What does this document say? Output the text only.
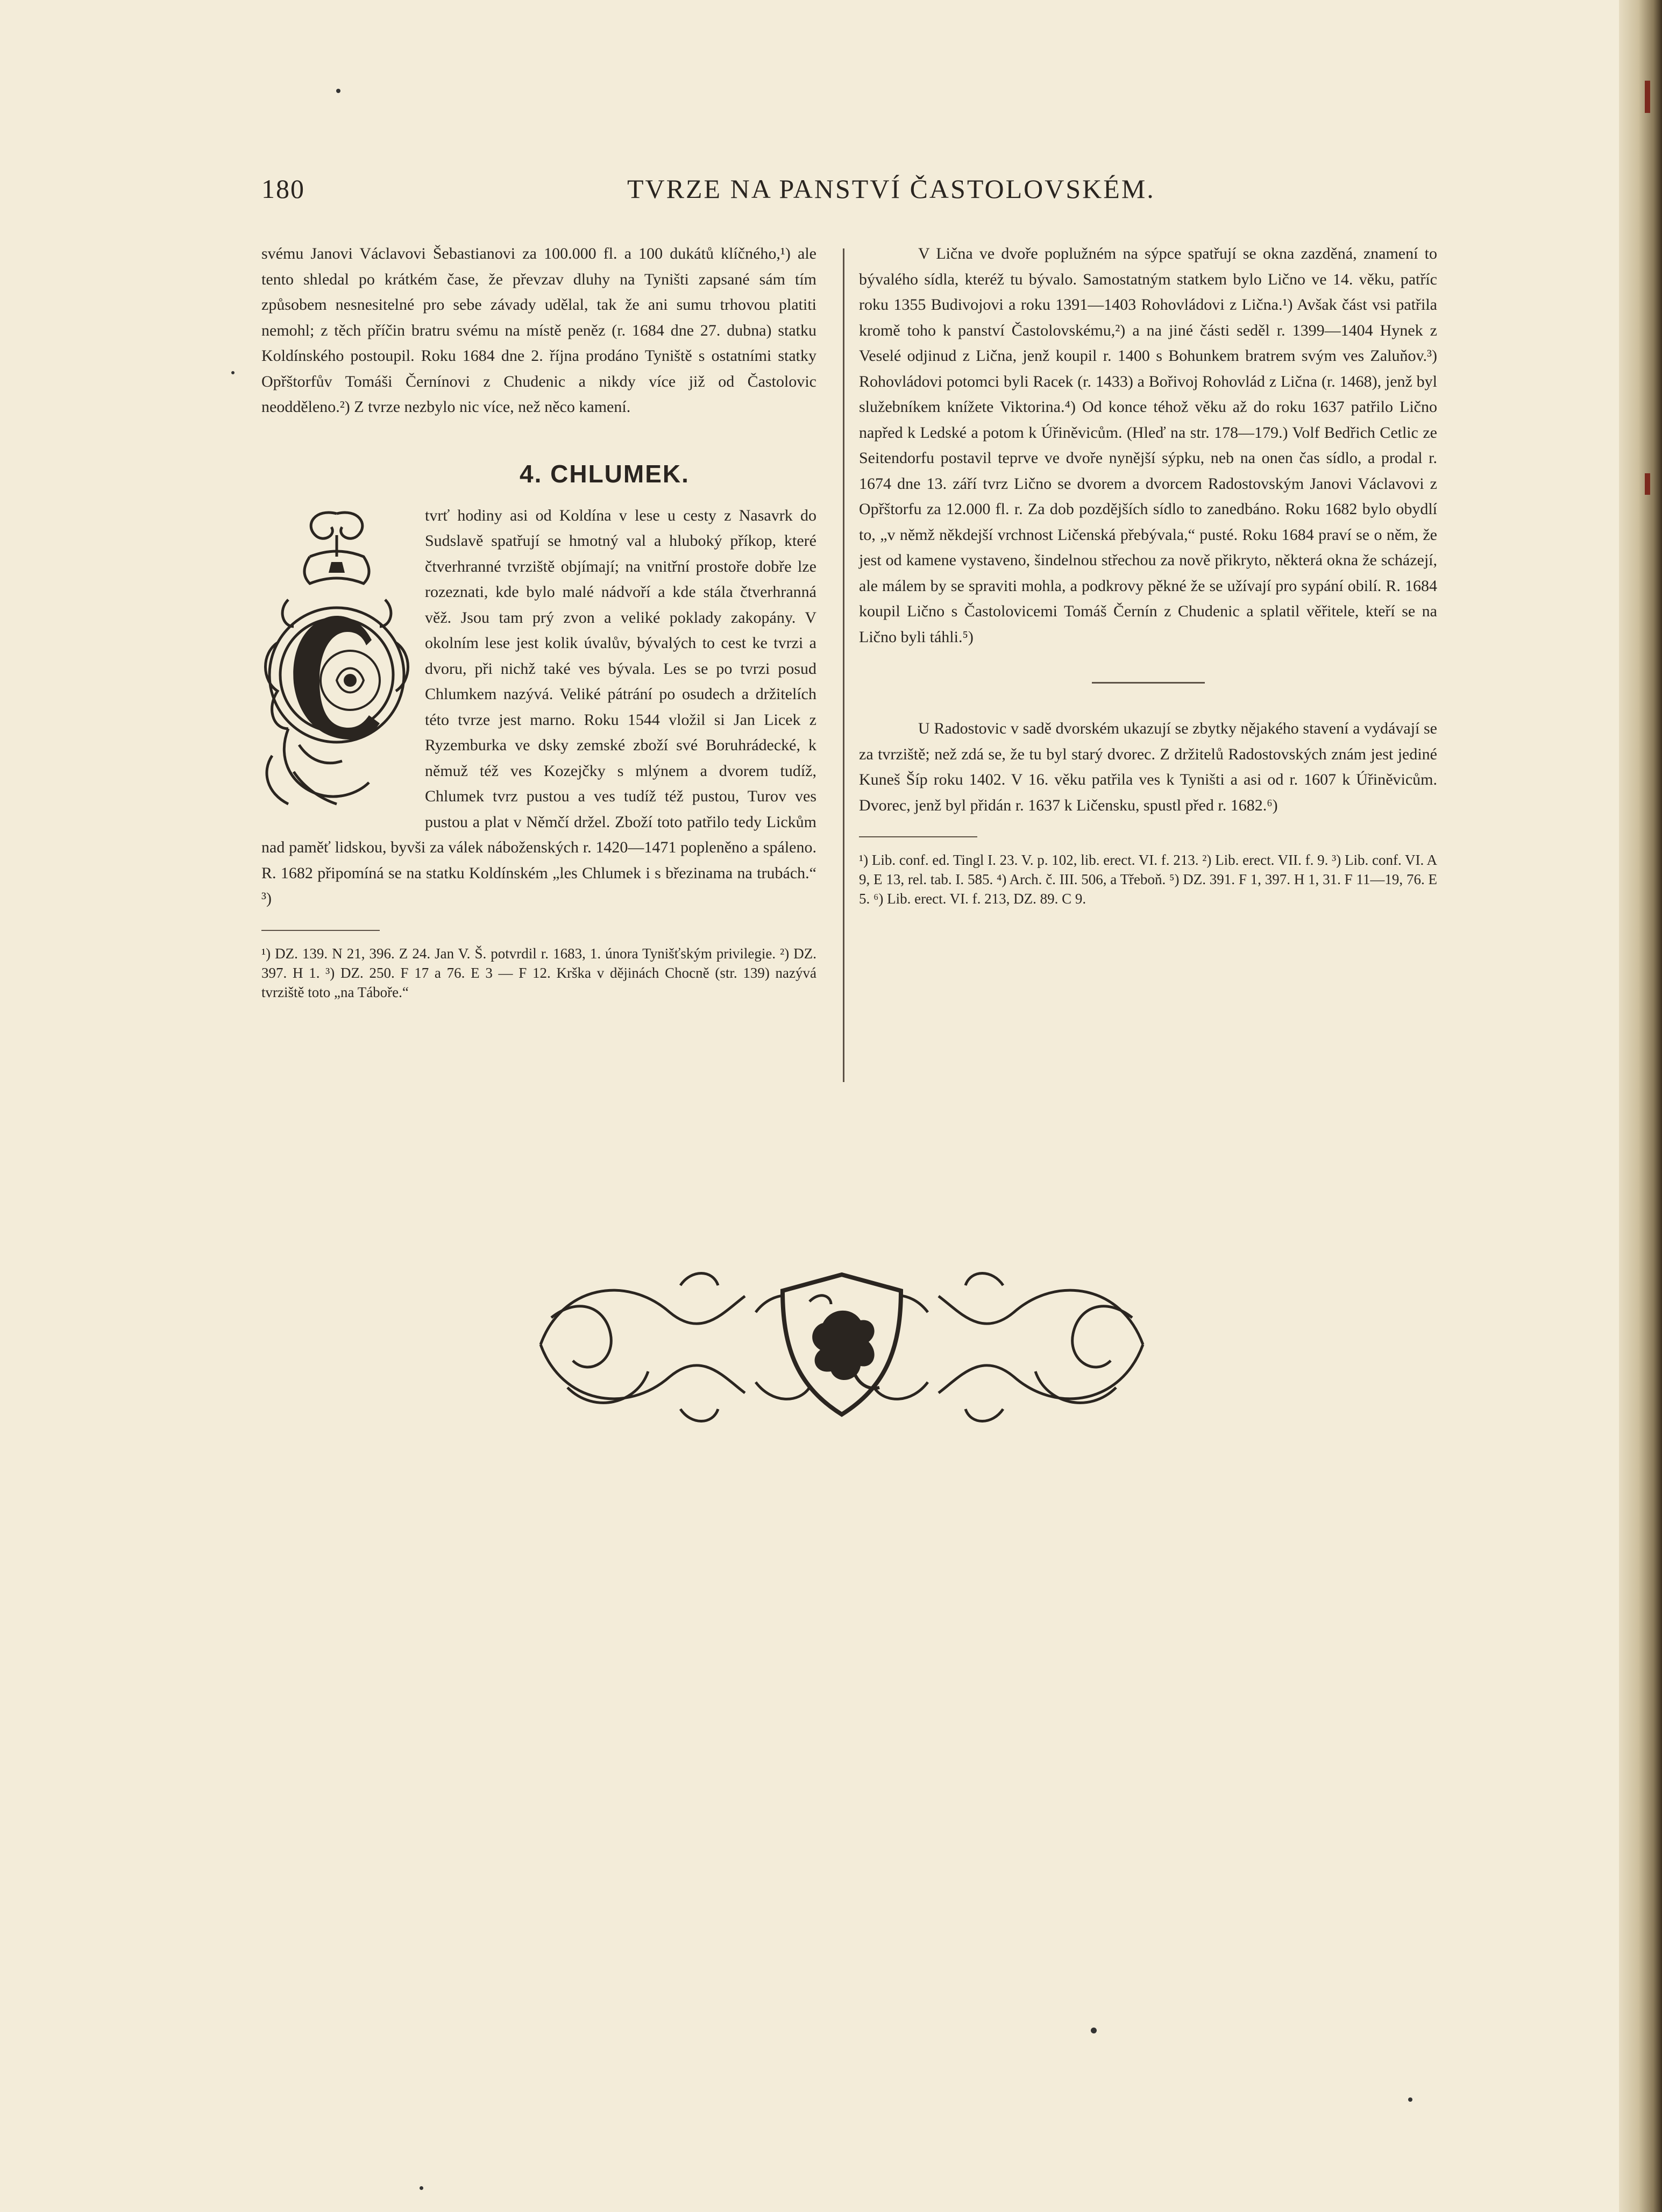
180	TVRZE NA PANSTVÍ ČASTOLOVSKÉM.

svému Janovi Václavovi Šebastianovi za 100.000 fl. a 100 dukátů klíčného,¹) ale tento shledal po krátkém čase, že převzav dluhy na Tyništi zapsané sám tím způsobem nesnesitelné pro sebe závady udělal, tak že ani sumu trhovou platiti nemohl; z těch příčin bratru svému na místě peněz (r. 1684 dne 27. dubna) statku Koldínského postoupil. Roku 1684 dne 2. října prodáno Tyniště s ostatními statky Opřštorfův Tomáši Černínovi z Chudenic a nikdy více již od Častolovic neodděleno.²) Z tvrze nezbylo nic více, než něco kamení.

4. CHLUMEK.

tvrť hodiny asi od Koldína v lese u cesty z Nasavrk do Sudslavě spatřují se hmotný val a hluboký příkop, které čtverhranné tvrziště objímají; na vnitřní prostoře dobře lze rozeznati, kde bylo malé nádvoří a kde stála čtverhranná věž. Jsou tam prý zvon a veliké poklady zakopány. V okolním lese jest kolik úvalův, bývalých to cest ke tvrzi a dvoru, při nichž také ves bývala. Les se po tvrzi posud Chlumkem nazývá. Veliké pátrání po osudech a držitelích této tvrze jest marno. Roku 1544 vložil si Jan Licek z Ryzemburka ve dsky zemské zboží své Boruhrádecké, k němuž též ves Kozejčky s mlýnem a dvorem tudíž, Chlumek tvrz pustou a ves tudíž též pustou, Turov ves pustou a plat v Němčí držel. Zboží toto patřilo tedy Lickům nad paměť lidskou, byvši za válek náboženských r. 1420—1471 popleněno a spáleno. R. 1682 připomíná se na statku Koldínském „les Chlumek i s březinama na trubách.“ ³)

¹) DZ. 139. N 21, 396. Z 24. Jan V. Š. potvrdil r. 1683, 1. února Tynišťským privilegie. ²) DZ. 397. H 1. ³) DZ. 250. F 17 a 76. E 3 — F 12. Krška v dějinách Chocně (str. 139) nazývá tvrziště toto „na Táboře.“

V Lična ve dvoře poplužném na sýpce spatřují se okna zazděná, znamení to bývalého sídla, kteréž tu bývalo. Samostatným statkem bylo Lično ve 14. věku, patříc roku 1355 Budivojovi a roku 1391—1403 Rohovládovi z Lična.¹) Avšak část vsi patřila kromě toho k panství Častolovskému,²) a na jiné části seděl r. 1399—1404 Hynek z Veselé odjinud z Lična, jenž koupil r. 1400 s Bohunkem bratrem svým ves Zaluňov.³) Rohovládovi potomci byli Racek (r. 1433) a Bořivoj Rohovlád z Lična (r. 1468), jenž byl služebníkem knížete Viktorina.⁴) Od konce téhož věku až do roku 1637 patřilo Lično napřed k Ledské a potom k Úřiněvicům. (Hleď na str. 178—179.) Volf Bedřich Cetlic ze Seitendorfu postavil teprve ve dvoře nynější sýpku, neb na onen čas sídlo, a prodal r. 1674 dne 13. září tvrz Lično se dvorem a dvorcem Radostovským Janovi Václavovi z Opřštorfu za 12.000 fl. r. Za dob pozdějších sídlo to zanedbáno. Roku 1682 bylo obydlí to, „v němž někdejší vrchnost Ličenská přebývala,“ pusté. Roku 1684 praví se o něm, že jest od kamene vystaveno, šindelnou střechou za nově přikryto, některá okna že scházejí, ale málem by se spraviti mohla, a podkrovy pěkné že se užívají pro sypání obilí. R. 1684 koupil Lično s Častolovicemi Tomáš Černín z Chudenic a splatil věřitele, kteří se na Lično byli táhli.⁵)

U Radostovic v sadě dvorském ukazují se zbytky nějakého stavení a vydávají se za tvrziště; než zdá se, že tu byl starý dvorec. Z držitelů Radostovských znám jest jediné Kuneš Šíp roku 1402. V 16. věku patřila ves k Tyništi a asi od r. 1607 k Úřiněvicům. Dvorec, jenž byl přidán r. 1637 k Ličensku, spustl před r. 1682.⁶)

¹) Lib. conf. ed. Tingl I. 23. V. p. 102, lib. erect. VI. f. 213. ²) Lib. erect. VII. f. 9. ³) Lib. conf. VI. A 9, E 13, rel. tab. I. 585. ⁴) Arch. č. III. 506, a Třeboň. ⁵) DZ. 391. F 1, 397. H 1, 31. F 11—19, 76. E 5. ⁶) Lib. erect. VI. f. 213, DZ. 89. C 9.
